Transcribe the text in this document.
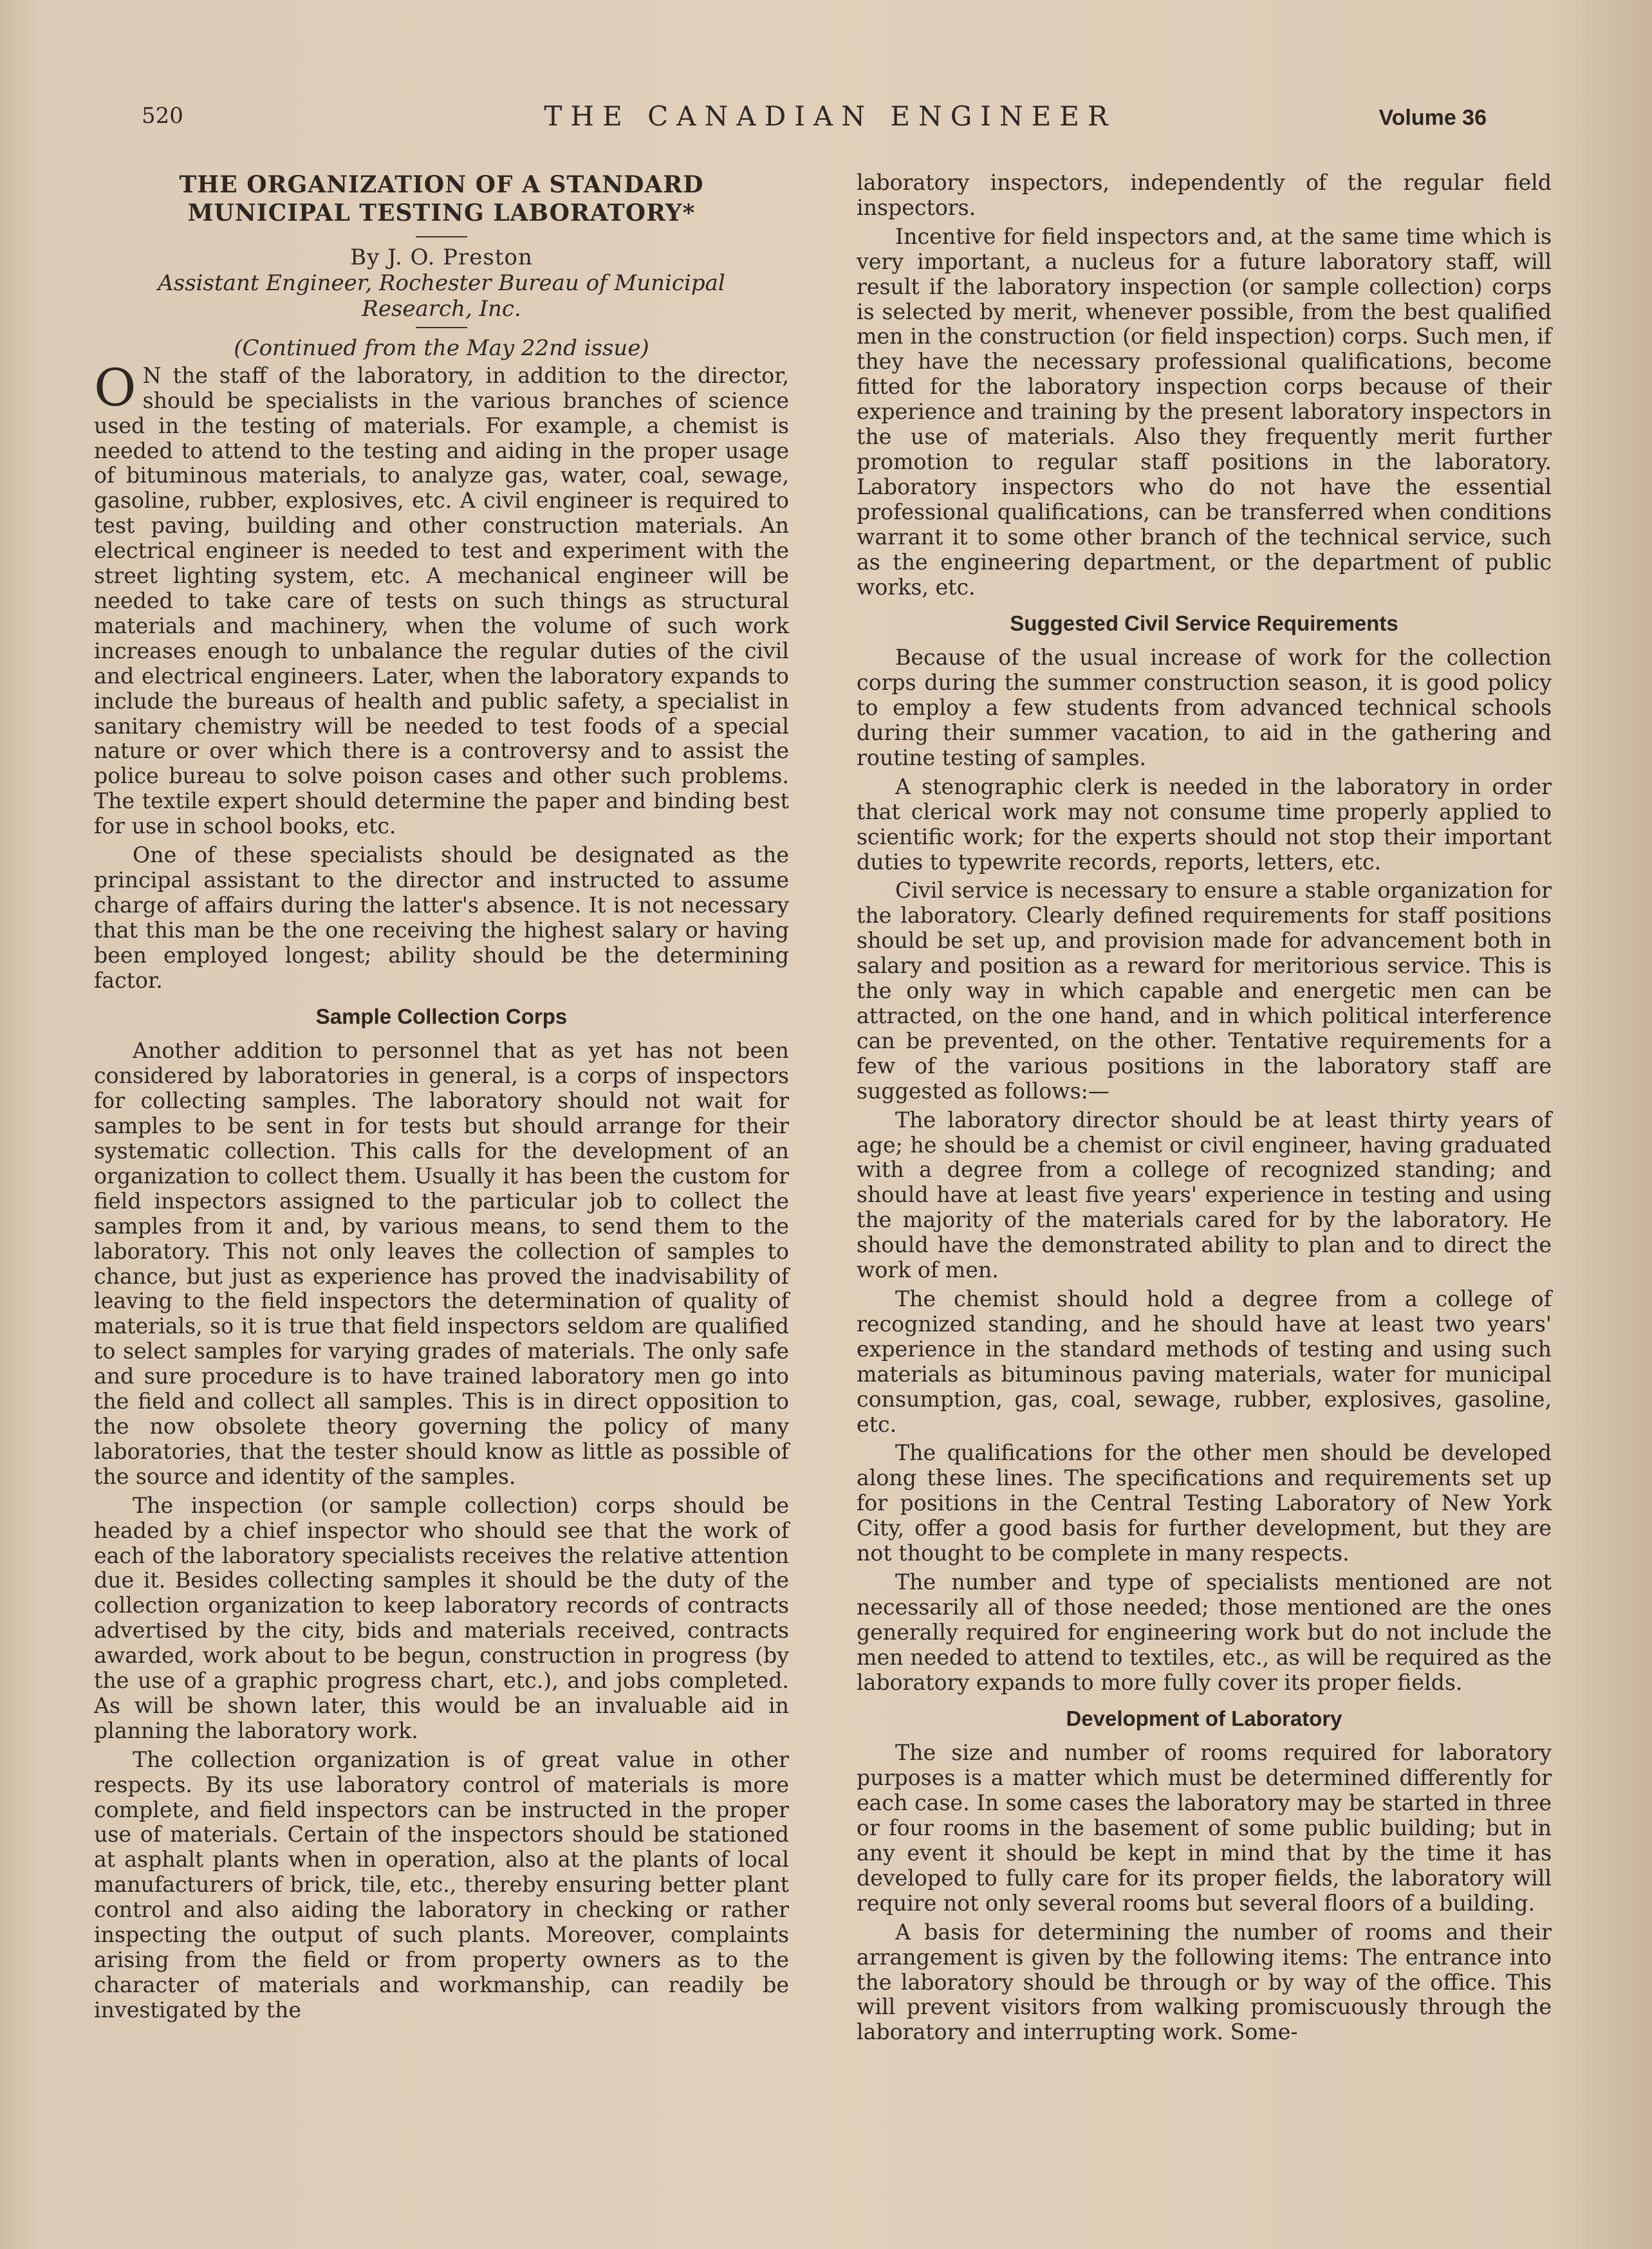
520	THE CANADIAN ENGINEER	Volume 36
THE ORGANIZATION OF A STANDARD MUNICIPAL TESTING LABORATORY*
By J. O. Preston
Assistant Engineer, Rochester Bureau of Municipal Research, Inc.
(Continued from the May 22nd issue)

O N the staff of the laboratory, in addition to the director, should be specialists in the various branches of science used in the testing of materials. For example, a chemist is needed to attend to the testing and aiding in the proper usage of bituminous materials, to analyze gas, water, coal, sewage, gasoline, rubber, explosives, etc. A civil engineer is required to test paving, building and other construction materials. An electrical engineer is needed to test and experiment with the street lighting system, etc. A mechanical engineer will be needed to take care of tests on such things as structural materials and machinery, when the volume of such work increases enough to unbalance the regular duties of the civil and electrical engineers. Later, when the laboratory expands to include the bureaus of health and public safety, a specialist in sanitary chemistry will be needed to test foods of a special nature or over which there is a controversy and to assist the police bureau to solve poison cases and other such problems. The textile expert should determine the paper and binding best for use in school books, etc.

One of these specialists should be designated as the principal assistant to the director and instructed to assume charge of affairs during the latter's absence. It is not necessary that this man be the one receiving the highest salary or having been employed longest; ability should be the determining factor.

Sample Collection Corps

Another addition to personnel that as yet has not been considered by laboratories in general, is a corps of inspectors for collecting samples. The laboratory should not wait for samples to be sent in for tests but should arrange for their systematic collection. This calls for the development of an organization to collect them. Usually it has been the custom for field inspectors assigned to the particular job to collect the samples from it and, by various means, to send them to the laboratory. This not only leaves the collection of samples to chance, but just as experience has proved the inadvisability of leaving to the field inspectors the determination of quality of materials, so it is true that field inspectors seldom are qualified to select samples for varying grades of materials. The only safe and sure procedure is to have trained laboratory men go into the field and collect all samples. This is in direct opposition to the now obsolete theory governing the policy of many laboratories, that the tester should know as little as possible of the source and identity of the samples.

The inspection (or sample collection) corps should be headed by a chief inspector who should see that the work of each of the laboratory specialists receives the relative attention due it. Besides collecting samples it should be the duty of the collection organization to keep laboratory records of contracts advertised by the city, bids and materials received, contracts awarded, work about to be begun, construction in progress (by the use of a graphic progress chart, etc.), and jobs completed. As will be shown later, this would be an invaluable aid in planning the laboratory work.

The collection organization is of great value in other respects. By its use laboratory control of materials is more complete, and field inspectors can be instructed in the proper use of materials. Certain of the inspectors should be stationed at asphalt plants when in operation, also at the plants of local manufacturers of brick, tile, etc., thereby ensuring better plant control and also aiding the laboratory in checking or rather inspecting the output of such plants. Moreover, complaints arising from the field or from property owners as to the character of materials and workmanship, can readily be investigated by the

laboratory inspectors, independently of the regular field inspectors.

Incentive for field inspectors and, at the same time which is very important, a nucleus for a future laboratory staff, will result if the laboratory inspection (or sample collection) corps is selected by merit, whenever possible, from the best qualified men in the construction (or field inspection) corps. Such men, if they have the necessary professional qualifications, become fitted for the laboratory inspection corps because of their experience and training by the present laboratory inspectors in the use of materials. Also they frequently merit further promotion to regular staff positions in the laboratory. Laboratory inspectors who do not have the essential professional qualifications, can be transferred when conditions warrant it to some other branch of the technical service, such as the engineering department, or the department of public works, etc.

Suggested Civil Service Requirements

Because of the usual increase of work for the collection corps during the summer construction season, it is good policy to employ a few students from advanced technical schools during their summer vacation, to aid in the gathering and routine testing of samples.

A stenographic clerk is needed in the laboratory in order that clerical work may not consume time properly applied to scientific work; for the experts should not stop their important duties to typewrite records, reports, letters, etc.

Civil service is necessary to ensure a stable organization for the laboratory. Clearly defined requirements for staff positions should be set up, and provision made for advancement both in salary and position as a reward for meritorious service. This is the only way in which capable and energetic men can be attracted, on the one hand, and in which political interference can be prevented, on the other. Tentative requirements for a few of the various positions in the laboratory staff are suggested as follows:—

The laboratory director should be at least thirty years of age; he should be a chemist or civil engineer, having graduated with a degree from a college of recognized standing; and should have at least five years' experience in testing and using the majority of the materials cared for by the laboratory. He should have the demonstrated ability to plan and to direct the work of men.

The chemist should hold a degree from a college of recognized standing, and he should have at least two years' experience in the standard methods of testing and using such materials as bituminous paving materials, water for municipal consumption, gas, coal, sewage, rubber, explosives, gasoline, etc.

The qualifications for the other men should be developed along these lines. The specifications and requirements set up for positions in the Central Testing Laboratory of New York City, offer a good basis for further development, but they are not thought to be complete in many respects.

The number and type of specialists mentioned are not necessarily all of those needed; those mentioned are the ones generally required for engineering work but do not include the men needed to attend to textiles, etc., as will be required as the laboratory expands to more fully cover its proper fields.

Development of Laboratory

The size and number of rooms required for laboratory purposes is a matter which must be determined differently for each case. In some cases the laboratory may be started in three or four rooms in the basement of some public building; but in any event it should be kept in mind that by the time it has developed to fully care for its proper fields, the laboratory will require not only several rooms but several floors of a building.

A basis for determining the number of rooms and their arrangement is given by the following items: The entrance into the laboratory should be through or by way of the office. This will prevent visitors from walking promiscuously through the laboratory and interrupting work. Some-
